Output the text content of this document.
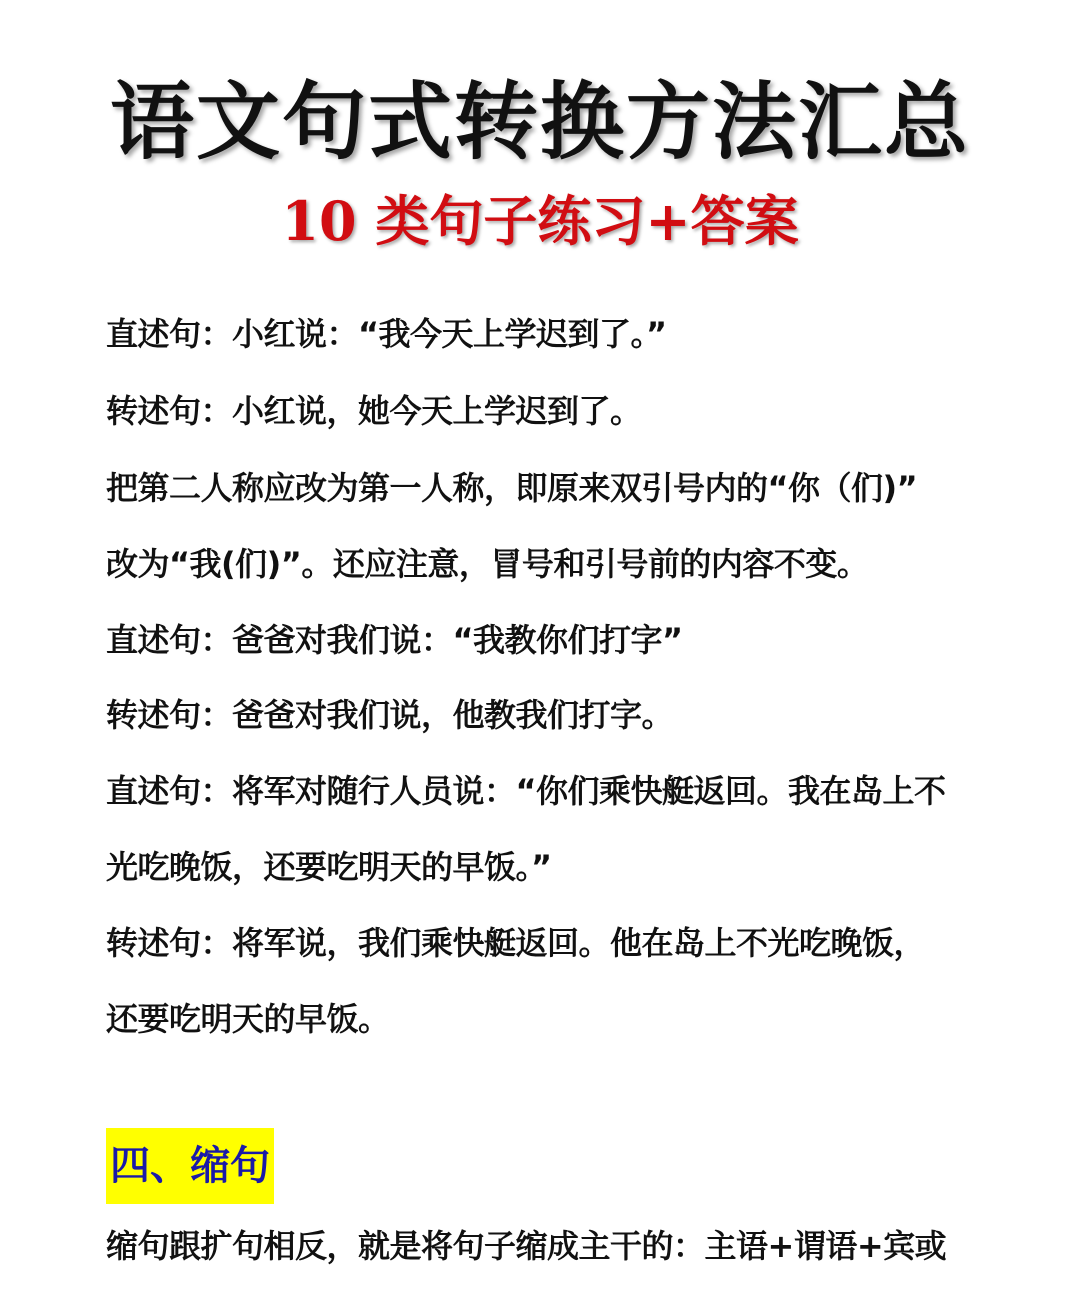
语文句式转换方法汇总
10 类句子练习+答案
直述句：小红说：“我今天上学迟到了。”
转述句：小红说，她今天上学迟到了。
把第二人称应改为第一人称，即原来双引号内的“你（们)”
改为“我(们)”。还应注意，冒号和引号前的内容不变。
直述句：爸爸对我们说：“我教你们打字”
转述句：爸爸对我们说，他教我们打字。
直述句：将军对随行人员说：“你们乘快艇返回。我在岛上不
光吃晚饭，还要吃明天的早饭。”
转述句：将军说，我们乘快艇返回。他在岛上不光吃晚饭，
还要吃明天的早饭。
四、缩句
缩句跟扩句相反，就是将句子缩成主干的：主语+谓语+宾或
